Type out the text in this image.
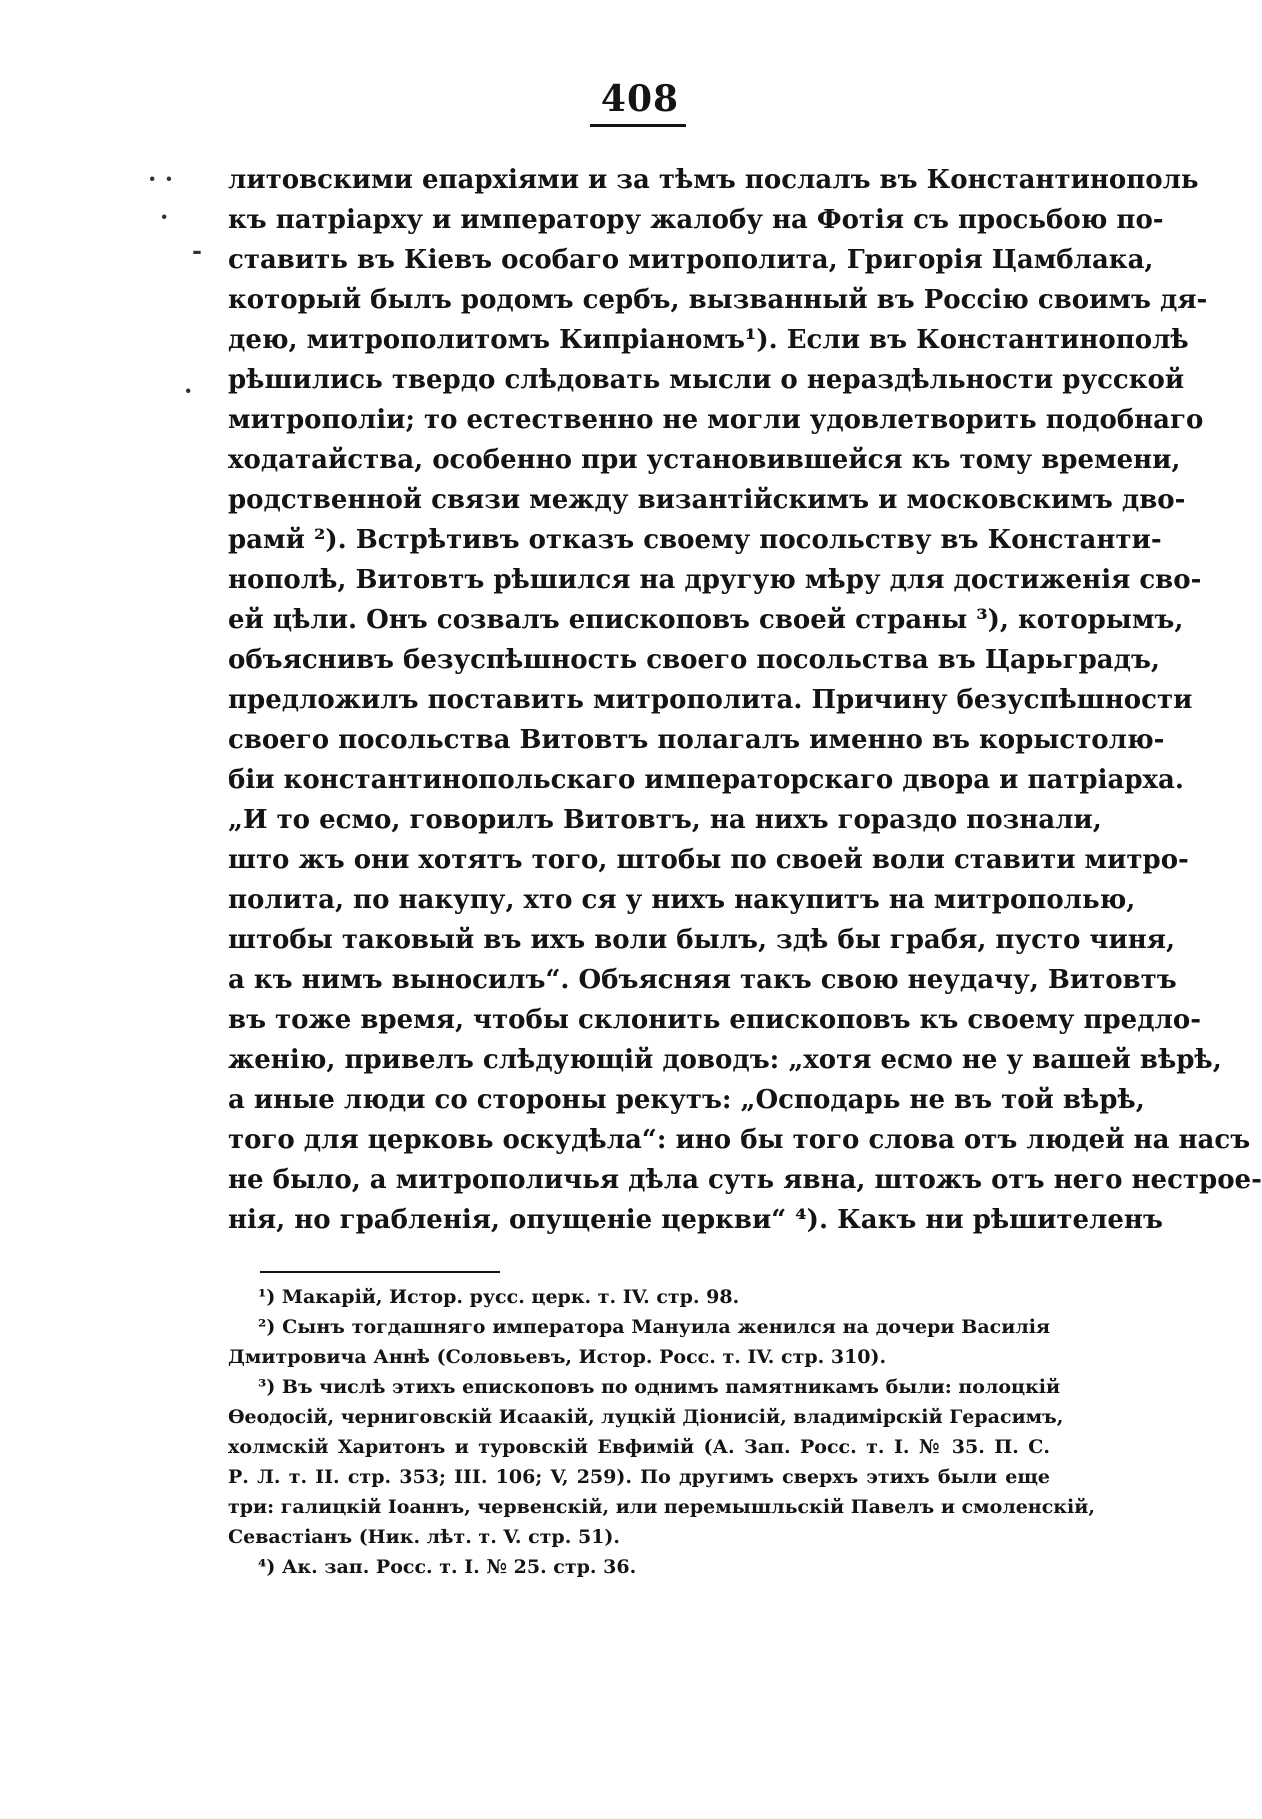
408
· ·
·
-
·
литовскими епархіями и за тѣмъ послалъ въ Константинополь
къ патріарху и императору жалобу на Фотія съ просьбою по-
ставить въ Кіевъ особаго митрополита, Григорія Цамблака,
который былъ родомъ сербъ, вызванный въ Россію своимъ дя-
дею, митрополитомъ Кипріаномъ¹). Если въ Константинополѣ
рѣшились твердо слѣдовать мысли о нераздѣльности русской
митрополіи; то естественно не могли удовлетворить подобнаго
ходатайства, особенно при установившейся къ тому времени,
родственной связи между византійскимъ и московскимъ дво-
рамй ²). Встрѣтивъ отказъ своему посольству въ Константи-
нополѣ, Витовтъ рѣшился на другую мѣру для достиженія сво-
ей цѣли. Онъ созвалъ епископовъ своей страны ³), которымъ,
объяснивъ безуспѣшность своего посольства въ Царьградъ,
предложилъ поставить митрополита. Причину безуспѣшности
своего посольства Витовтъ полагалъ именно въ корыстолю-
біи константинопольскаго императорскаго двора и патріарха.
„И то есмо, говорилъ Витовтъ, на нихъ гораздо познали,
што жъ они хотятъ того, штобы по своей воли ставити митро-
полита, по накупу, хто ся у нихъ накупитъ на митрополью,
штобы таковый въ ихъ воли былъ, здѣ бы грабя, пусто чиня,
а къ нимъ выносилъ“. Объясняя такъ свою неудачу, Витовтъ
въ тоже время, чтобы склонить епископовъ къ своему предло-
женію, привелъ слѣдующій доводъ: „хотя есмо не у вашей вѣрѣ,
а иные люди со стороны рекутъ: „Осподарь не въ той вѣрѣ,
того для церковь оскудѣла“: ино бы того слова отъ людей на насъ
не было, а митрополичья дѣла суть явна, штожъ отъ него нестрое-
нія, но грабленія, опущеніе церкви“ ⁴). Какъ ни рѣшителенъ
¹) Макарій, Истор. русс. церк. т. IV. стр. 98.
²) Сынъ тогдашняго императора Мануила женился на дочери Василія
Дмитровича Аннѣ (Соловьевъ, Истор. Росс. т. IV. стр. 310).
³) Въ числѣ этихъ епископовъ по однимъ памятникамъ были: полоцкій
Ѳеодосій, черниговскій Исаакій, луцкій Діонисій, владимірскій Герасимъ,
холмскій Харитонъ и туровскій Евфимій (А. Зап. Росс. т. I. № 35. П. С.
Р. Л. т. II. стр. 353; III. 106; V, 259). По другимъ сверхъ этихъ были еще
три: галицкій Іоаннъ, червенскій, или перемышльскій Павелъ и смоленскій,
Севастіанъ (Ник. лѣт. т. V. стр. 51).
⁴) Ак. зап. Росс. т. I. № 25. стр. 36.
